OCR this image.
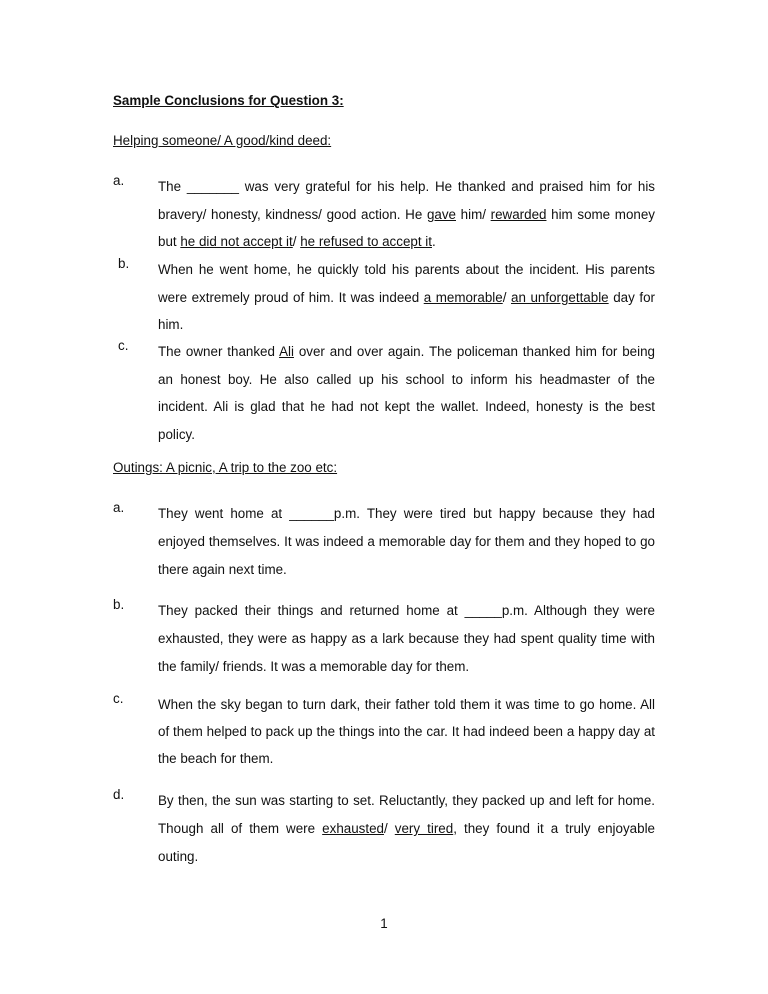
Sample Conclusions for Question 3:
Helping someone/ A good/kind deed:
a.	The _______ was very grateful for his help. He thanked and praised him for his bravery/ honesty, kindness/ good action. He gave him/ rewarded him some money but he did not accept it/ he refused to accept it.
b.	When he went home, he quickly told his parents about the incident. His parents were extremely proud of him. It was indeed a memorable/ an unforgettable day for him.
c.	The owner thanked Ali over and over again. The policeman thanked him for being an honest boy. He also called up his school to inform his headmaster of the incident. Ali is glad that he had not kept the wallet. Indeed, honesty is the best policy.
Outings: A picnic, A trip to the zoo etc:
a.	They went home at ______p.m. They were tired but happy because they had enjoyed themselves. It was indeed a memorable day for them and they hoped to go there again next time.
b.	They packed their things and returned home at _____p.m. Although they were exhausted, they were as happy as a lark because they had spent quality time with the family/ friends. It was a memorable day for them.
c.	When the sky began to turn dark, their father told them it was time to go home. All of them helped to pack up the things into the car. It had indeed been a happy day at the beach for them.
d.	By then, the sun was starting to set. Reluctantly, they packed up and left for home. Though all of them were exhausted/ very tired, they found it a truly enjoyable outing.
1
